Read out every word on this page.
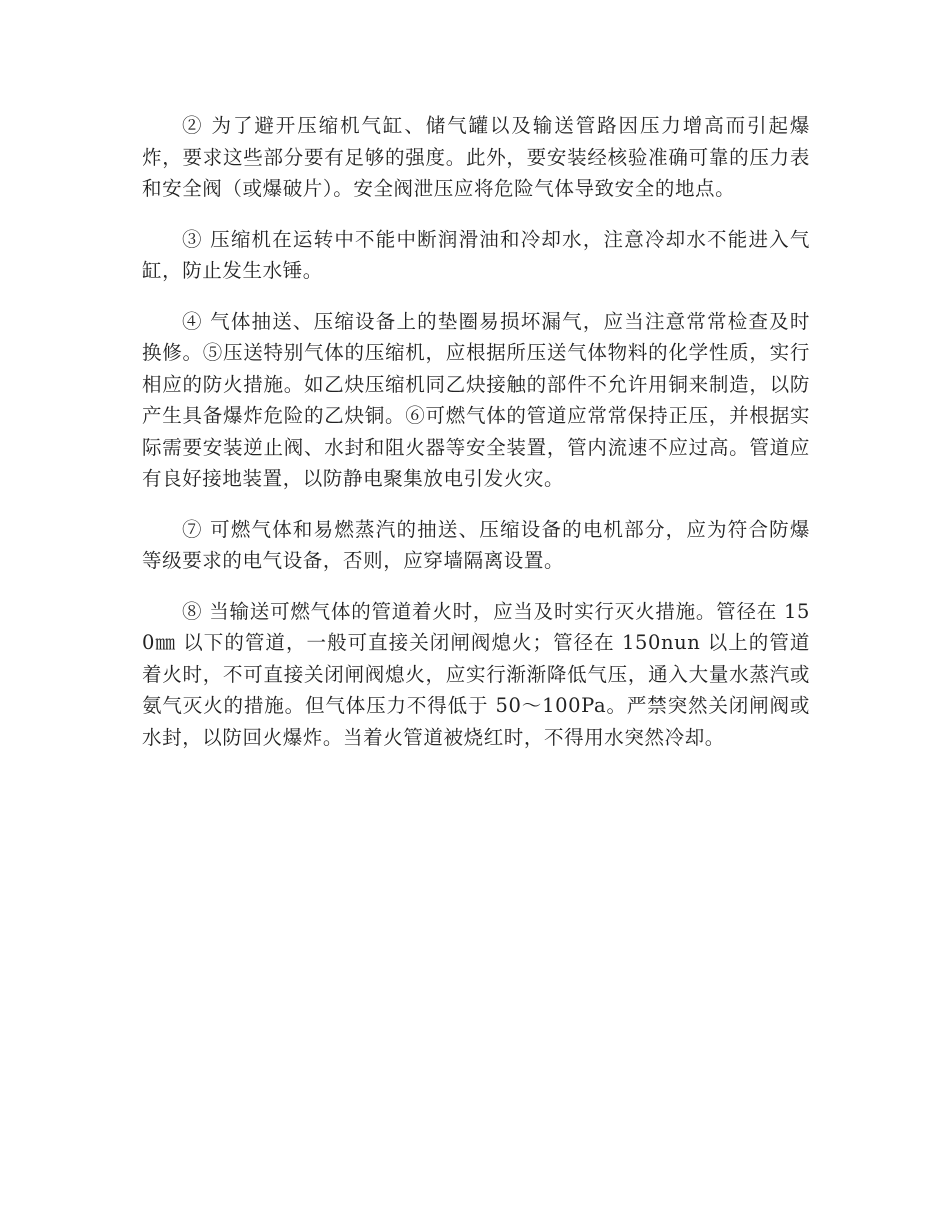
② 为了避开压缩机气缸、储气罐以及输送管路因压力增高而引起爆炸，要求这些部分要有足够的强度。此外，要安装经核验准确可靠的压力表和安全阀（或爆破片）。安全阀泄压应将危险气体导致安全的地点。

③ 压缩机在运转中不能中断润滑油和冷却水，注意冷却水不能进入气缸，防止发生水锤。

④ 气体抽送、压缩设备上的垫圈易损坏漏气，应当注意常常检查及时换修。⑤压送特别气体的压缩机，应根据所压送气体物料的化学性质，实行相应的防火措施。如乙炔压缩机同乙炔接触的部件不允许用铜来制造，以防产生具备爆炸危险的乙炔铜。⑥可燃气体的管道应常常保持正压，并根据实际需要安装逆止阀、水封和阻火器等安全装置，管内流速不应过高。管道应有良好接地装置，以防静电聚集放电引发火灾。

⑦ 可燃气体和易燃蒸汽的抽送、压缩设备的电机部分，应为符合防爆等级要求的电气设备，否则，应穿墙隔离设置。

⑧ 当输送可燃气体的管道着火时，应当及时实行灭火措施。管径在 150㎜ 以下的管道，一般可直接关闭闸阀熄火；管径在 150nun 以上的管道着火时，不可直接关闭闸阀熄火，应实行渐渐降低气压，通入大量水蒸汽或氨气灭火的措施。但气体压力不得低于 50～100Pa。严禁突然关闭闸阀或水封，以防回火爆炸。当着火管道被烧红时，不得用水突然冷却。
